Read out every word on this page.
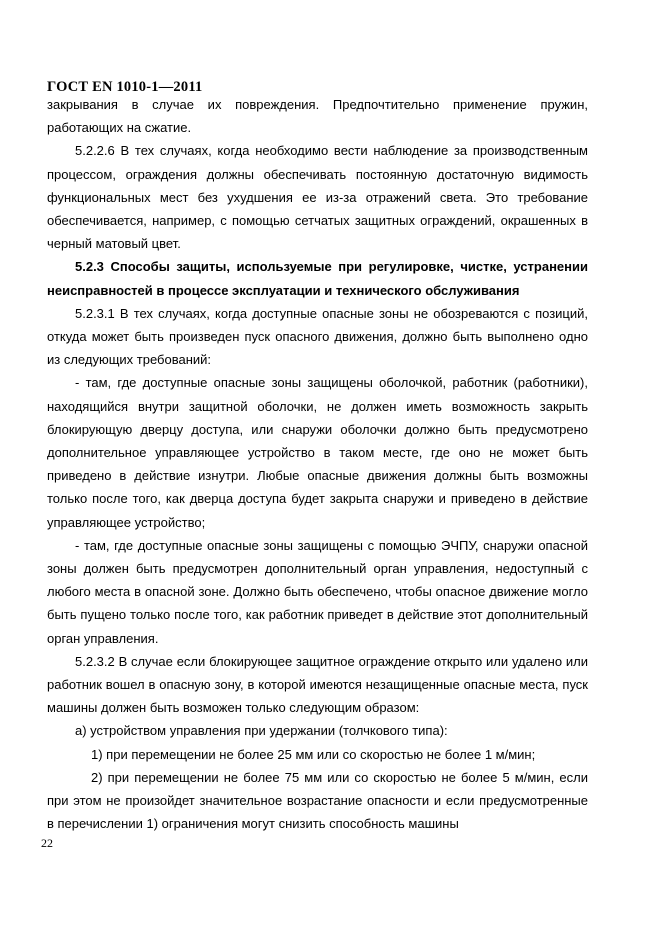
ГОСТ EN 1010-1—2011

закрывания в случае их повреждения. Предпочтительно применение пружин, работающих на сжатие.

5.2.2.6 В тех случаях, когда необходимо вести наблюдение за производственным процессом, ограждения должны обеспечивать постоянную достаточную видимость функциональных мест без ухудшения ее из-за отражений света. Это требование обеспечивается, например, с помощью сетчатых защитных ограждений, окрашенных в черный матовый цвет.

5.2.3 Способы защиты, используемые при регулировке, чистке, устранении неисправностей в процессе эксплуатации и технического обслуживания

5.2.3.1 В тех случаях, когда доступные опасные зоны не обозреваются с позиций, откуда может быть произведен пуск опасного движения, должно быть выполнено одно из следующих требований:

- там, где доступные опасные зоны защищены оболочкой, работник (работники), находящийся внутри защитной оболочки, не должен иметь возможность закрыть блокирующую дверцу доступа, или снаружи оболочки должно быть предусмотрено дополнительное управляющее устройство в таком месте, где оно не может быть приведено в действие изнутри. Любые опасные движения должны быть возможны только после того, как дверца доступа будет закрыта снаружи и приведено в действие управляющее устройство;

- там, где доступные опасные зоны защищены с помощью ЭЧПУ, снаружи опасной зоны должен быть предусмотрен дополнительный орган управления, недоступный с любого места в опасной зоне. Должно быть обеспечено, чтобы опасное движение могло быть пущено только после того, как работник приведет в действие этот дополнительный орган управления.

5.2.3.2 В случае если блокирующее защитное ограждение открыто или удалено или работник вошел в опасную зону, в которой имеются незащищенные опасные места, пуск машины должен быть возможен только следующим образом:

а) устройством управления при удержании (толчкового типа):

1) при перемещении не более 25 мм или со скоростью не более 1 м/мин;

2) при перемещении не более 75 мм или со скоростью не более 5 м/мин, если при этом не произойдет значительное возрастание опасности и если предусмотренные в перечислении 1) ограничения могут снизить способность машины

22
